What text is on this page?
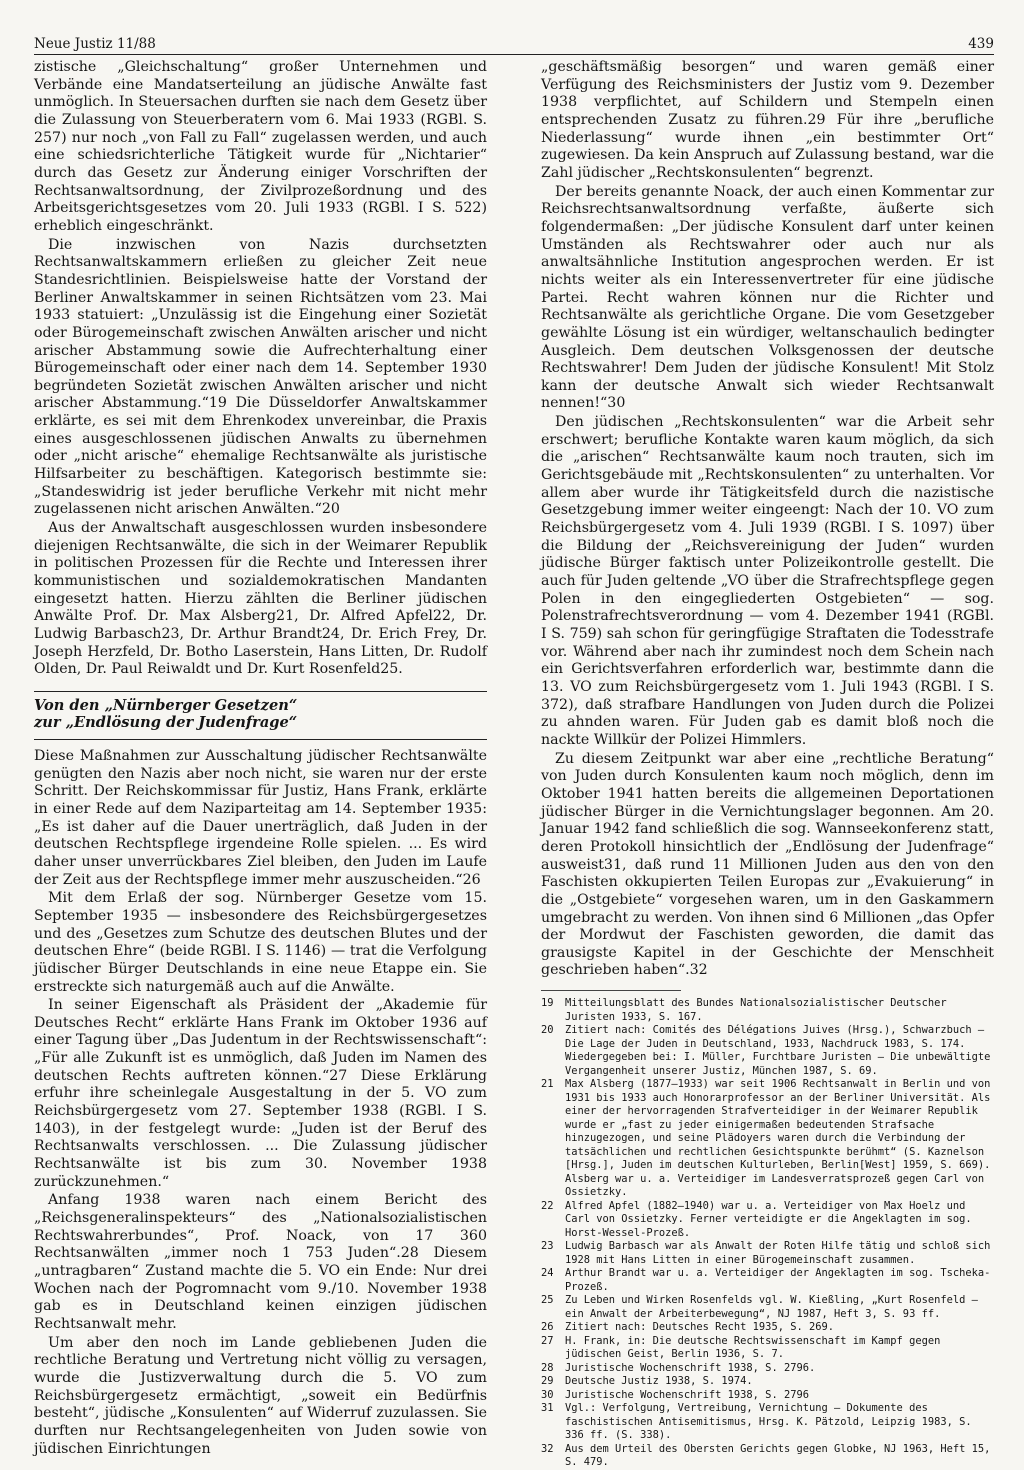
Neue Justiz 11/88	439

zistische „Gleichschaltung“ großer Unternehmen und Verbände eine Mandatserteilung an jüdische Anwälte fast unmöglich. In Steuersachen durften sie nach dem Gesetz über die Zulassung von Steuerberatern vom 6. Mai 1933 (RGBl. S. 257) nur noch „von Fall zu Fall“ zugelassen werden, und auch eine schiedsrichterliche Tätigkeit wurde für „Nichtarier“ durch das Gesetz zur Änderung einiger Vorschriften der Rechtsanwaltsordnung, der Zivilprozeßordnung und des Arbeitsgerichtsgesetzes vom 20. Juli 1933 (RGBl. I S. 522) erheblich eingeschränkt.

Die inzwischen von Nazis durchsetzten Rechtsanwaltskammern erließen zu gleicher Zeit neue Standesrichtlinien. Beispielsweise hatte der Vorstand der Berliner Anwaltskammer in seinen Richtsätzen vom 23. Mai 1933 statuiert: „Unzulässig ist die Eingehung einer Sozietät oder Bürogemeinschaft zwischen Anwälten arischer und nicht arischer Abstammung sowie die Aufrechterhaltung einer Bürogemeinschaft oder einer nach dem 14. September 1930 begründeten Sozietät zwischen Anwälten arischer und nicht arischer Abstammung.“19 Die Düsseldorfer Anwaltskammer erklärte, es sei mit dem Ehrenkodex unvereinbar, die Praxis eines ausgeschlossenen jüdischen Anwalts zu übernehmen oder „nicht arische“ ehemalige Rechtsanwälte als juristische Hilfsarbeiter zu beschäftigen. Kategorisch bestimmte sie: „Standeswidrig ist jeder berufliche Verkehr mit nicht mehr zugelassenen nicht arischen Anwälten.“20

Aus der Anwaltschaft ausgeschlossen wurden insbesondere diejenigen Rechtsanwälte, die sich in der Weimarer Republik in politischen Prozessen für die Rechte und Interessen ihrer kommunistischen und sozialdemokratischen Mandanten eingesetzt hatten. Hierzu zählten die Berliner jüdischen Anwälte Prof. Dr. Max Alsberg21, Dr. Alfred Apfel22, Dr. Ludwig Barbasch23, Dr. Arthur Brandt24, Dr. Erich Frey, Dr. Joseph Herzfeld, Dr. Botho Laserstein, Hans Litten, Dr. Rudolf Olden, Dr. Paul Reiwaldt und Dr. Kurt Rosenfeld25.

Von den „Nürnberger Gesetzen“
zur „Endlösung der Judenfrage“

Diese Maßnahmen zur Ausschaltung jüdischer Rechtsanwälte genügten den Nazis aber noch nicht, sie waren nur der erste Schritt. Der Reichskommissar für Justiz, Hans Frank, erklärte in einer Rede auf dem Naziparteitag am 14. September 1935: „Es ist daher auf die Dauer unerträglich, daß Juden in der deutschen Rechtspflege irgendeine Rolle spielen. ... Es wird daher unser unverrückbares Ziel bleiben, den Juden im Laufe der Zeit aus der Rechtspflege immer mehr auszuscheiden.“26

Mit dem Erlaß der sog. Nürnberger Gesetze vom 15. September 1935 — insbesondere des Reichsbürgergesetzes und des „Gesetzes zum Schutze des deutschen Blutes und der deutschen Ehre“ (beide RGBl. I S. 1146) — trat die Verfolgung jüdischer Bürger Deutschlands in eine neue Etappe ein. Sie erstreckte sich naturgemäß auch auf die Anwälte.

In seiner Eigenschaft als Präsident der „Akademie für Deutsches Recht“ erklärte Hans Frank im Oktober 1936 auf einer Tagung über „Das Judentum in der Rechtswissenschaft“: „Für alle Zukunft ist es unmöglich, daß Juden im Namen des deutschen Rechts auftreten können.“27 Diese Erklärung erfuhr ihre scheinlegale Ausgestaltung in der 5. VO zum Reichsbürgergesetz vom 27. September 1938 (RGBl. I S. 1403), in der festgelegt wurde: „Juden ist der Beruf des Rechtsanwalts verschlossen. ... Die Zulassung jüdischer Rechtsanwälte ist bis zum 30. November 1938 zurückzunehmen.“

Anfang 1938 waren nach einem Bericht des „Reichsgeneralinspekteurs“ des „Nationalsozialistischen Rechtswahrerbundes“, Prof. Noack, von 17 360 Rechtsanwälten „immer noch 1 753 Juden“.28 Diesem „untragbaren“ Zustand machte die 5. VO ein Ende: Nur drei Wochen nach der Pogromnacht vom 9./10. November 1938 gab es in Deutschland keinen einzigen jüdischen Rechtsanwalt mehr.

Um aber den noch im Lande gebliebenen Juden die rechtliche Beratung und Vertretung nicht völlig zu versagen, wurde die Justizverwaltung durch die 5. VO zum Reichsbürgergesetz ermächtigt, „soweit ein Bedürfnis besteht“, jüdische „Konsulenten“ auf Widerruf zuzulassen. Sie durften nur Rechtsangelegenheiten von Juden sowie von jüdischen Einrichtungen

„geschäftsmäßig besorgen“ und waren gemäß einer Verfügung des Reichsministers der Justiz vom 9. Dezember 1938 verpflichtet, auf Schildern und Stempeln einen entsprechenden Zusatz zu führen.29 Für ihre „berufliche Niederlassung“ wurde ihnen „ein bestimmter Ort“ zugewiesen. Da kein Anspruch auf Zulassung bestand, war die Zahl jüdischer „Rechtskonsulenten“ begrenzt.

Der bereits genannte Noack, der auch einen Kommentar zur Reichsrechtsanwaltsordnung verfaßte, äußerte sich folgendermaßen: „Der jüdische Konsulent darf unter keinen Umständen als Rechtswahrer oder auch nur als anwaltsähnliche Institution angesprochen werden. Er ist nichts weiter als ein Interessenvertreter für eine jüdische Partei. Recht wahren können nur die Richter und Rechtsanwälte als gerichtliche Organe. Die vom Gesetzgeber gewählte Lösung ist ein würdiger, weltanschaulich bedingter Ausgleich. Dem deutschen Volksgenossen der deutsche Rechtswahrer! Dem Juden der jüdische Konsulent! Mit Stolz kann der deutsche Anwalt sich wieder Rechtsanwalt nennen!“30

Den jüdischen „Rechtskonsulenten“ war die Arbeit sehr erschwert; berufliche Kontakte waren kaum möglich, da sich die „arischen“ Rechtsanwälte kaum noch trauten, sich im Gerichtsgebäude mit „Rechtskonsulenten“ zu unterhalten. Vor allem aber wurde ihr Tätigkeitsfeld durch die nazistische Gesetzgebung immer weiter eingeengt: Nach der 10. VO zum Reichsbürgergesetz vom 4. Juli 1939 (RGBl. I S. 1097) über die Bildung der „Reichsvereinigung der Juden“ wurden jüdische Bürger faktisch unter Polizeikontrolle gestellt. Die auch für Juden geltende „VO über die Strafrechtspflege gegen Polen in den eingegliederten Ostgebieten“ — sog. Polenstrafrechtsverordnung — vom 4. Dezember 1941 (RGBl. I S. 759) sah schon für geringfügige Straftaten die Todesstrafe vor. Während aber nach ihr zumindest noch dem Schein nach ein Gerichtsverfahren erforderlich war, bestimmte dann die 13. VO zum Reichsbürgergesetz vom 1. Juli 1943 (RGBl. I S. 372), daß strafbare Handlungen von Juden durch die Polizei zu ahnden waren. Für Juden gab es damit bloß noch die nackte Willkür der Polizei Himmlers.

Zu diesem Zeitpunkt war aber eine „rechtliche Beratung“ von Juden durch Konsulenten kaum noch möglich, denn im Oktober 1941 hatten bereits die allgemeinen Deportationen jüdischer Bürger in die Vernichtungslager begonnen. Am 20. Januar 1942 fand schließlich die sog. Wannseekonferenz statt, deren Protokoll hinsichtlich der „Endlösung der Judenfrage“ ausweist31, daß rund 11 Millionen Juden aus den von den Faschisten okkupierten Teilen Europas zur „Evakuierung“ in die „Ostgebiete“ vorgesehen waren, um in den Gaskammern umgebracht zu werden. Von ihnen sind 6 Millionen „das Opfer der Mordwut der Faschisten geworden, die damit das grausigste Kapitel in der Geschichte der Menschheit geschrieben haben“.32

19	Mitteilungsblatt des Bundes Nationalsozialistischer Deutscher Juristen 1933, S. 167.
20	Zitiert nach: Comités des Délégations Juives (Hrsg.), Schwarzbuch – Die Lage der Juden in Deutschland, 1933, Nachdruck 1983, S. 174. Wiedergegeben bei: I. Müller, Furchtbare Juristen – Die unbewältigte Vergangenheit unserer Justiz, München 1987, S. 69.
21	Max Alsberg (1877–1933) war seit 1906 Rechtsanwalt in Berlin und von 1931 bis 1933 auch Honorarprofessor an der Berliner Universität. Als einer der hervorragenden Strafverteidiger in der Weimarer Republik wurde er „fast zu jeder einigermaßen bedeutenden Strafsache hinzugezogen, und seine Plädoyers waren durch die Verbindung der tatsächlichen und rechtlichen Gesichtspunkte berühmt“ (S. Kaznelson [Hrsg.], Juden im deutschen Kulturleben, Berlin[West] 1959, S. 669). Alsberg war u. a. Verteidiger im Landesverratsprozeß gegen Carl von Ossietzky.
22	Alfred Apfel (1882–1940) war u. a. Verteidiger von Max Hoelz und Carl von Ossietzky. Ferner verteidigte er die Angeklagten im sog. Horst-Wessel-Prozeß.
23	Ludwig Barbasch war als Anwalt der Roten Hilfe tätig und schloß sich 1928 mit Hans Litten in einer Bürogemeinschaft zusammen.
24	Arthur Brandt war u. a. Verteidiger der Angeklagten im sog. Tscheka-Prozeß.
25	Zu Leben und Wirken Rosenfelds vgl. W. Kießling, „Kurt Rosenfeld – ein Anwalt der Arbeiterbewegung“, NJ 1987, Heft 3, S. 93 ff.
26	Zitiert nach: Deutsches Recht 1935, S. 269.
27	H. Frank, in: Die deutsche Rechtswissenschaft im Kampf gegen jüdischen Geist, Berlin 1936, S. 7.
28	Juristische Wochenschrift 1938, S. 2796.
29	Deutsche Justiz 1938, S. 1974.
30	Juristische Wochenschrift 1938, S. 2796
31	Vgl.: Verfolgung, Vertreibung, Vernichtung – Dokumente des faschistischen Antisemitismus, Hrsg. K. Pätzold, Leipzig 1983, S. 336 ff. (S. 338).
32	Aus dem Urteil des Obersten Gerichts gegen Globke, NJ 1963, Heft 15, S. 479.
